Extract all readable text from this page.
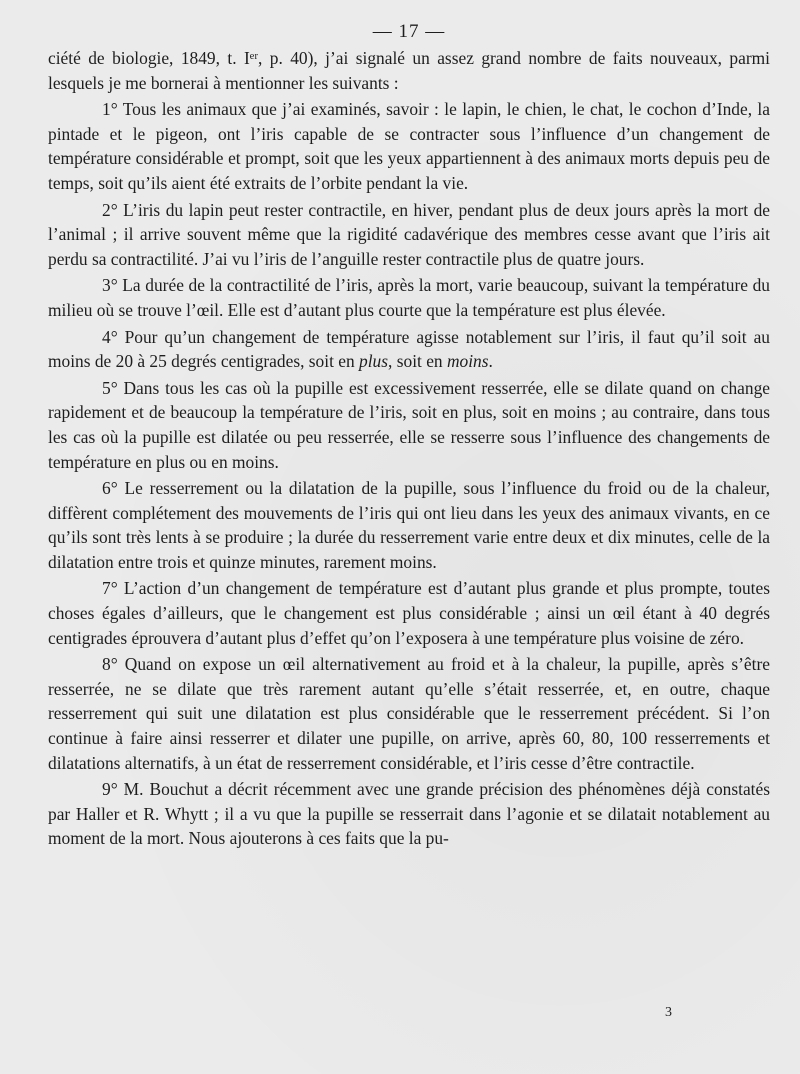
— 17 —

ciété de biologie, 1849, t. Iᵉʳ, p. 40), j’ai signalé un assez grand nombre de faits nouveaux, parmi lesquels je me bornerai à mentionner les suivants :

1° Tous les animaux que j’ai examinés, savoir : le lapin, le chien, le chat, le cochon d’Inde, la pintade et le pigeon, ont l’iris capable de se contracter sous l’influence d’un changement de température considérable et prompt, soit que les yeux appartiennent à des animaux morts depuis peu de temps, soit qu’ils aient été extraits de l’orbite pendant la vie.

2° L’iris du lapin peut rester contractile, en hiver, pendant plus de deux jours après la mort de l’animal ; il arrive souvent même que la rigidité cadavérique des membres cesse avant que l’iris ait perdu sa contractilité. J’ai vu l’iris de l’anguille rester contractile plus de quatre jours.

3° La durée de la contractilité de l’iris, après la mort, varie beaucoup, suivant la température du milieu où se trouve l’œil. Elle est d’autant plus courte que la température est plus élevée.

4° Pour qu’un changement de température agisse notablement sur l’iris, il faut qu’il soit au moins de 20 à 25 degrés centigrades, soit en plus, soit en moins.

5° Dans tous les cas où la pupille est excessivement resserrée, elle se dilate quand on change rapidement et de beaucoup la température de l’iris, soit en plus, soit en moins ; au contraire, dans tous les cas où la pupille est dilatée ou peu resserrée, elle se resserre sous l’influence des changements de température en plus ou en moins.

6° Le resserrement ou la dilatation de la pupille, sous l’influence du froid ou de la chaleur, diffèrent complétement des mouvements de l’iris qui ont lieu dans les yeux des animaux vivants, en ce qu’ils sont très lents à se produire ; la durée du resserrement varie entre deux et dix minutes, celle de la dilatation entre trois et quinze minutes, rarement moins.

7° L’action d’un changement de température est d’autant plus grande et plus prompte, toutes choses égales d’ailleurs, que le changement est plus considérable ; ainsi un œil étant à 40 degrés centigrades éprouvera d’autant plus d’effet qu’on l’exposera à une température plus voisine de zéro.

8° Quand on expose un œil alternativement au froid et à la chaleur, la pupille, après s’être resserrée, ne se dilate que très rarement autant qu’elle s’était resserrée, et, en outre, chaque resserrement qui suit une dilatation est plus considérable que le resserrement précédent. Si l’on continue à faire ainsi resserrer et dilater une pupille, on arrive, après 60, 80, 100 resserrements et dilatations alternatifs, à un état de resserrement considérable, et l’iris cesse d’être contractile.

9° M. Bouchut a décrit récemment avec une grande précision des phénomènes déjà constatés par Haller et R. Whytt ; il a vu que la pupille se resserrait dans l’agonie et se dilatait notablement au moment de la mort. Nous ajouterons à ces faits que la pu-

3
